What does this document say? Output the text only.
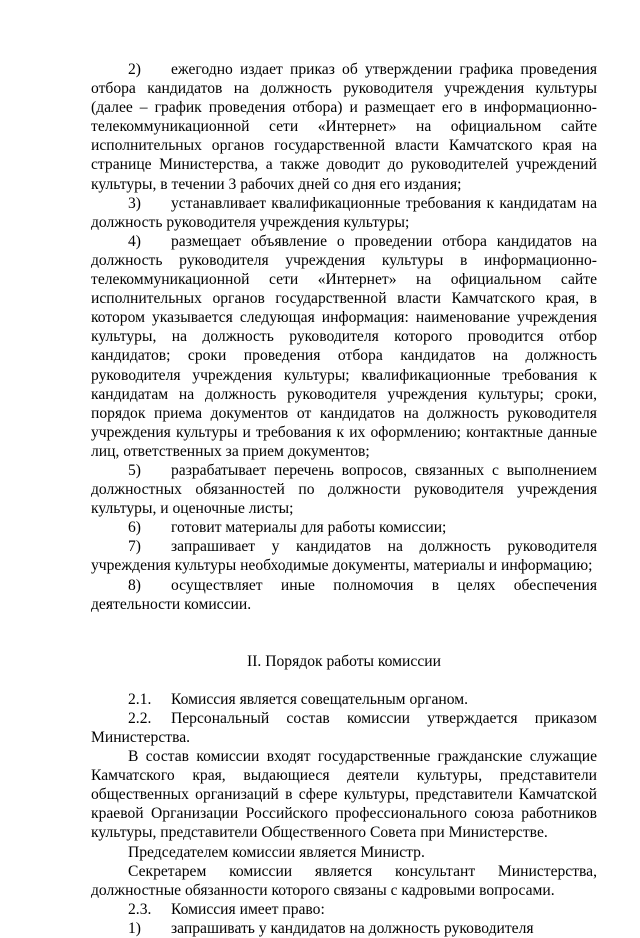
2) ежегодно издает приказ об утверждении графика проведения отбора кандидатов на должность руководителя учреждения культуры (далее – график проведения отбора) и размещает его в информационно-телекоммуникационной сети «Интернет» на официальном сайте исполнительных органов государственной власти Камчатского края на странице Министерства, а также доводит до руководителей учреждений культуры, в течении 3 рабочих дней со дня его издания;

3) устанавливает квалификационные требования к кандидатам на должность руководителя учреждения культуры;

4) размещает объявление о проведении отбора кандидатов на должность руководителя учреждения культуры в информационно-телекоммуникационной сети «Интернет» на официальном сайте исполнительных органов государственной власти Камчатского края, в котором указывается следующая информация: наименование учреждения культуры, на должность руководителя которого проводится отбор кандидатов; сроки проведения отбора кандидатов на должность руководителя учреждения культуры; квалификационные требования к кандидатам на должность руководителя учреждения культуры; сроки, порядок приема документов от кандидатов на должность руководителя учреждения культуры и требования к их оформлению; контактные данные лиц, ответственных за прием документов;

5) разрабатывает перечень вопросов, связанных с выполнением должностных обязанностей по должности руководителя учреждения культуры, и оценочные листы;

6) готовит материалы для работы комиссии;

7) запрашивает у кандидатов на должность руководителя учреждения культуры необходимые документы, материалы и информацию;

8) осуществляет иные полномочия в целях обеспечения деятельности комиссии.

II. Порядок работы комиссии

2.1. Комиссия является совещательным органом.

2.2. Персональный состав комиссии утверждается приказом Министерства.

В состав комиссии входят государственные гражданские служащие Камчатского края, выдающиеся деятели культуры, представители общественных организаций в сфере культуры, представители Камчатской краевой Организации Российского профессионального союза работников культуры, представители Общественного Совета при Министерстве.

Председателем комиссии является Министр.

Секретарем комиссии является консультант Министерства, должностные обязанности которого связаны с кадровыми вопросами.

2.3. Комиссия имеет право:

1) запрашивать у кандидатов на должность руководителя
